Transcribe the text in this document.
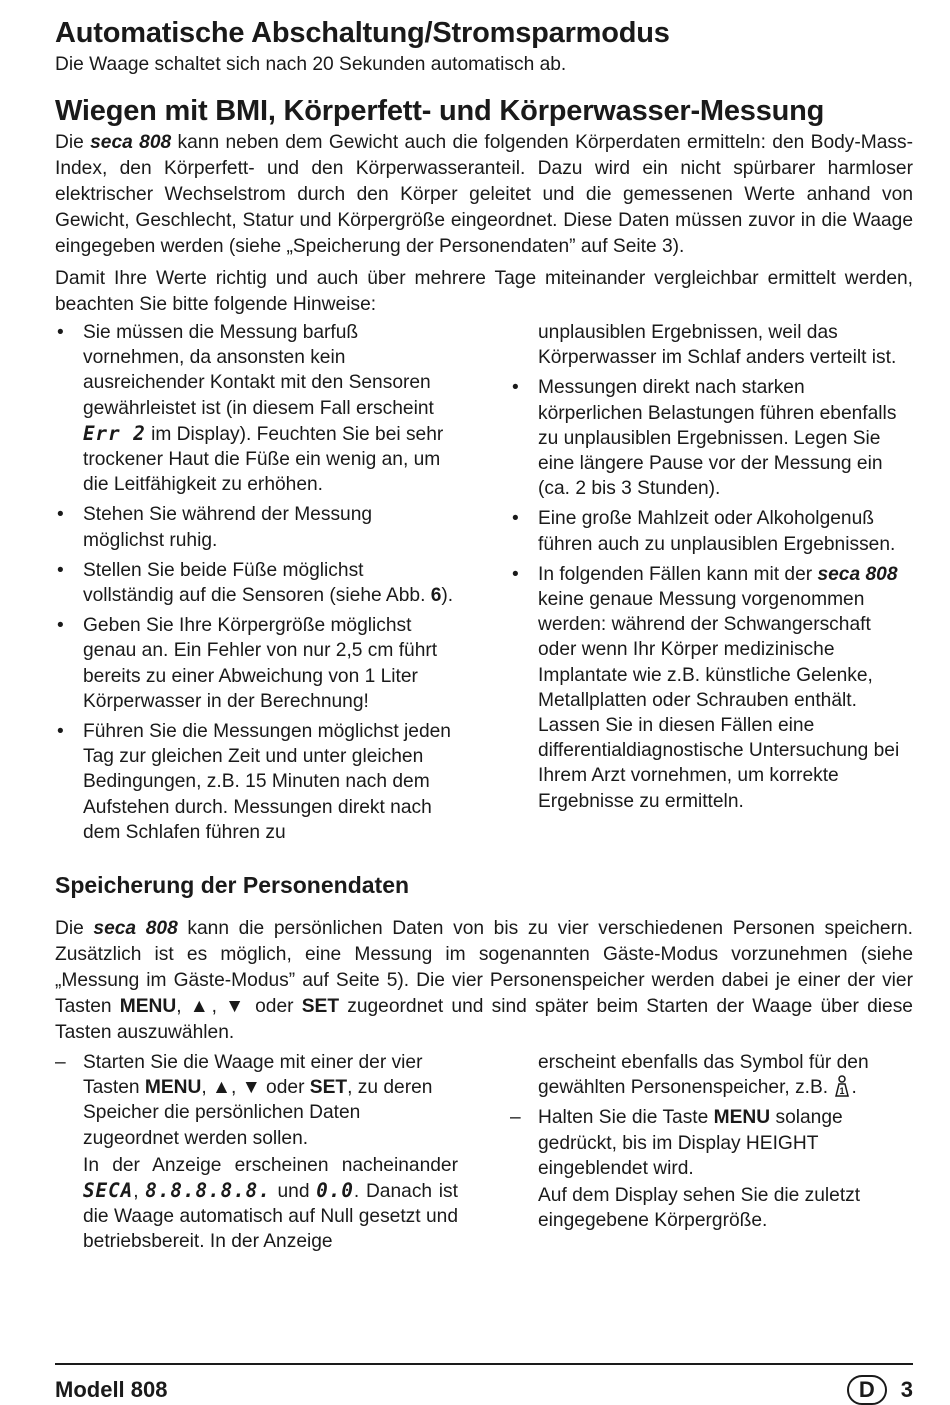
Automatische Abschaltung/Stromsparmodus

Die Waage schaltet sich nach 20 Sekunden automatisch ab.

Wiegen mit BMI, Körperfett- und Körperwasser-Messung

Die seca 808 kann neben dem Gewicht auch die folgenden Körperdaten ermitteln: den Body-Mass-Index, den Körperfett- und den Körperwasseranteil. Dazu wird ein nicht spürbarer harmloser elektrischer Wechselstrom durch den Körper geleitet und die gemessenen Werte anhand von Gewicht, Geschlecht, Statur und Körpergröße eingeordnet. Diese Daten müssen zuvor in die Waage eingegeben werden (siehe „Speicherung der Personendaten” auf Seite 3).

Damit Ihre Werte richtig und auch über mehrere Tage miteinander vergleichbar ermittelt werden, beachten Sie bitte folgende Hinweise:

• Sie müssen die Messung barfuß vornehmen, da ansonsten kein ausreichender Kontakt mit den Sensoren gewährleistet ist (in diesem Fall erscheint Err 2 im Display). Feuchten Sie bei sehr trockener Haut die Füße ein wenig an, um die Leitfähigkeit zu erhöhen.
• Stehen Sie während der Messung möglichst ruhig.
• Stellen Sie beide Füße möglichst vollständig auf die Sensoren (siehe Abb. 6).
• Geben Sie Ihre Körpergröße möglichst genau an. Ein Fehler von nur 2,5 cm führt bereits zu einer Abweichung von 1 Liter Körperwasser in der Berechnung!
• Führen Sie die Messungen möglichst jeden Tag zur gleichen Zeit und unter gleichen Bedingungen, z.B. 15 Minuten nach dem Aufstehen durch. Messungen direkt nach dem Schlafen führen zu
unplausiblen Ergebnissen, weil das Körperwasser im Schlaf anders verteilt ist.
• Messungen direkt nach starken körperlichen Belastungen führen ebenfalls zu unplausiblen Ergebnissen. Legen Sie eine längere Pause vor der Messung ein (ca. 2 bis 3 Stunden).
• Eine große Mahlzeit oder Alkoholgenuß führen auch zu unplausiblen Ergebnissen.
• In folgenden Fällen kann mit der seca 808 keine genaue Messung vorgenommen werden: während der Schwangerschaft oder wenn Ihr Körper medizinische Implantate wie z.B. künstliche Gelenke, Metallplatten oder Schrauben enthält. Lassen Sie in diesen Fällen eine differentialdiagnostische Untersuchung bei Ihrem Arzt vornehmen, um korrekte Ergebnisse zu ermitteln.
Speicherung der Personendaten

Die seca 808 kann die persönlichen Daten von bis zu vier verschiedenen Personen speichern. Zusätzlich ist es möglich, eine Messung im sogenannten Gäste-Modus vorzunehmen (siehe „Messung im Gäste-Modus” auf Seite 5). Die vier Personenspeicher werden dabei je einer der vier Tasten MENU, ▲, ▼ oder SET zugeordnet und sind später beim Starten der Waage über diese Tasten auszuwählen.

– Starten Sie die Waage mit einer der vier Tasten MENU, ▲, ▼ oder SET, zu deren Speicher die persönlichen Daten zugeordnet werden sollen.
In der Anzeige erscheinen nacheinander SECA, 8.8.8.8.8. und 0.0. Danach ist die Waage automatisch auf Null gesetzt und betriebsbereit. In der Anzeige
erscheint ebenfalls das Symbol für den gewählten Personenspeicher, z.B. 1 .
– Halten Sie die Taste MENU solange gedrückt, bis im Display HEIGHT eingeblendet wird.
Auf dem Display sehen Sie die zuletzt eingegebene Körpergröße.
Modell 808	D	3
